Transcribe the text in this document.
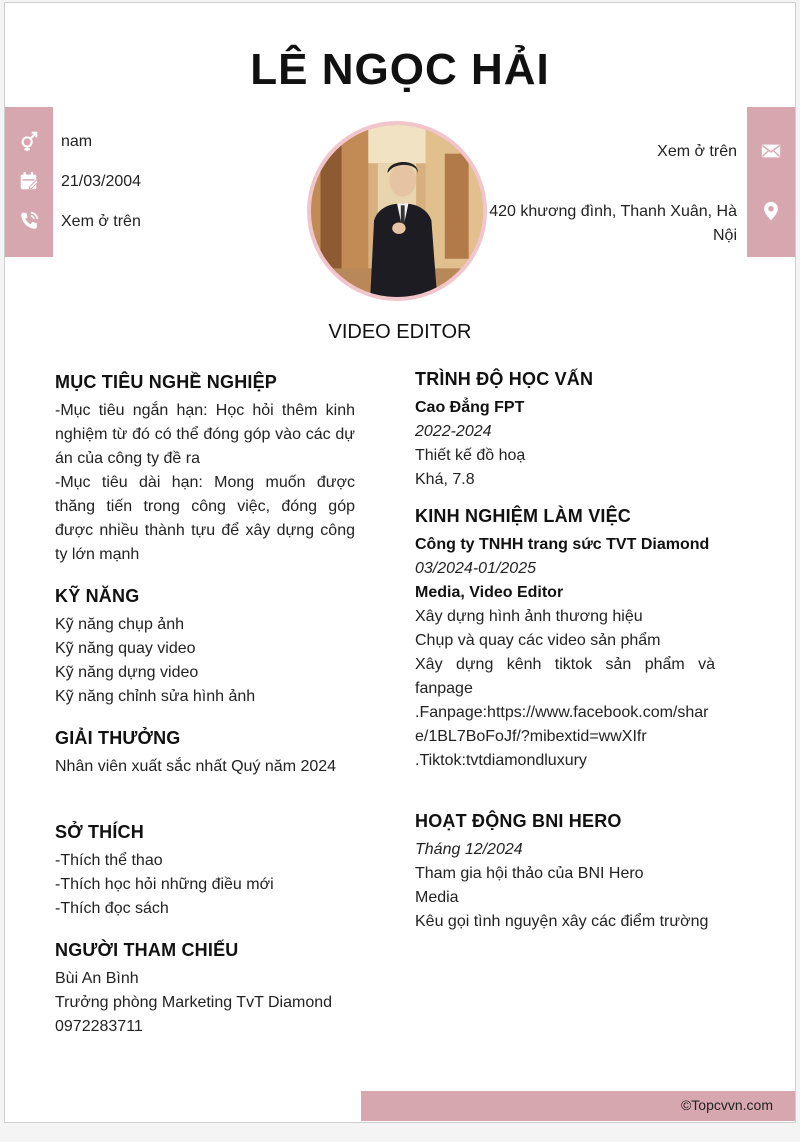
LÊ NGỌC HẢI
nam
21/03/2004
Xem ở trên
Xem ở trên
420 khương đình, Thanh Xuân, Hà Nội
VIDEO EDITOR
MỤC TIÊU NGHỀ NGHIỆP
-Mục tiêu ngắn hạn: Học hỏi thêm kinh nghiệm từ đó có thể đóng góp vào các dự án của công ty đề ra
-Mục tiêu dài hạn: Mong muốn được thăng tiến trong công việc, đóng góp được nhiều thành tựu để xây dựng công ty lớn mạnh
KỸ NĂNG
Kỹ năng chụp ảnh
Kỹ năng quay video
Kỹ năng dựng video
Kỹ năng chỉnh sửa hình ảnh
GIẢI THƯỞNG
Nhân viên xuất sắc nhất Quý năm 2024
SỞ THÍCH
-Thích thể thao
-Thích học hỏi những điều mới
-Thích đọc sách
NGƯỜI THAM CHIẾU
Bùi An Bình
Trưởng phòng Marketing TvT Diamond
0972283711
TRÌNH ĐỘ HỌC VẤN
Cao Đẳng FPT
2022-2024
Thiết kế đồ hoạ
Khá, 7.8
KINH NGHIỆM LÀM VIỆC
Công ty TNHH trang sức TVT Diamond
03/2024-01/2025
Media, Video Editor
Xây dựng hình ảnh thương hiệu
Chụp và quay các video sản phẩm
Xây dựng kênh tiktok sản phẩm và fanpage
.Fanpage:https://www.facebook.com/share/1BL7BoFoJf/?mibextid=wwXIfr
.Tiktok:tvtdiamondluxury
HOẠT ĐỘNG BNI HERO
Tháng 12/2024
Tham gia hội thảo của BNI Hero
Media
Kêu gọi tình nguyện xây các điểm trường
©Topcvvn.com
